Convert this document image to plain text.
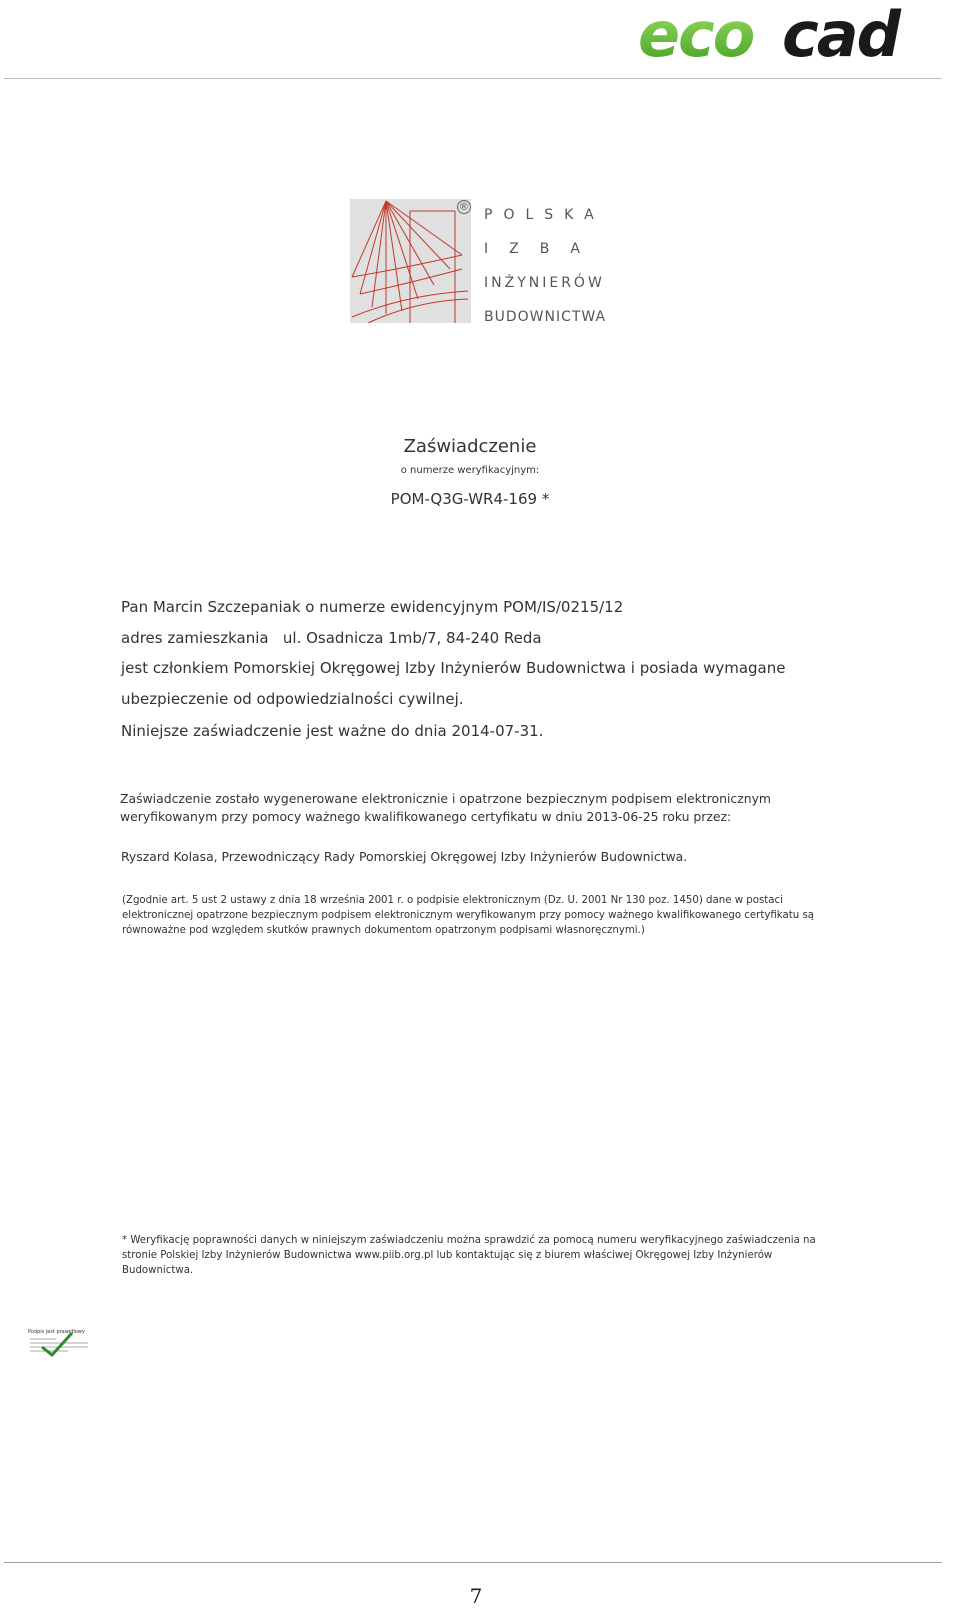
eco cad
®
POLSKA
IZBA
INŻYNIERÓW
BUDOWNICTWA
Zaświadczenie
o numerze weryfikacyjnym:
POM-Q3G-WR4-169 *
Pan Marcin Szczepaniak o numerze ewidencyjnym POM/IS/0215/12
adres zamieszkania   ul. Osadnicza 1mb/7, 84-240 Reda
jest członkiem Pomorskiej Okręgowej Izby Inżynierów Budownictwa i posiada wymagane
ubezpieczenie od odpowiedzialności cywilnej.
Niniejsze zaświadczenie jest ważne do dnia 2014-07-31.
Zaświadczenie zostało wygenerowane elektronicznie i opatrzone bezpiecznym podpisem elektronicznym weryfikowanym przy pomocy ważnego kwalifikowanego certyfikatu w dniu 2013-06-25 roku przez:
Ryszard Kolasa, Przewodniczący Rady Pomorskiej Okręgowej Izby Inżynierów Budownictwa.
(Zgodnie art. 5 ust 2 ustawy z dnia 18 września 2001 r. o podpisie elektronicznym (Dz. U. 2001 Nr 130 poz. 1450) dane w postaci elektronicznej opatrzone bezpiecznym podpisem elektronicznym weryfikowanym przy pomocy ważnego kwalifikowanego certyfikatu są równoważne pod względem skutków prawnych dokumentom opatrzonym podpisami własnoręcznymi.)
* Weryfikację poprawności danych w niniejszym zaświadczeniu można sprawdzić za pomocą numeru weryfikacyjnego zaświadczenia na stronie Polskiej Izby Inżynierów Budownictwa www.piib.org.pl lub kontaktując się z biurem właściwej Okręgowej Izby Inżynierów Budownictwa.
Podpis jest prawidłowy
7
